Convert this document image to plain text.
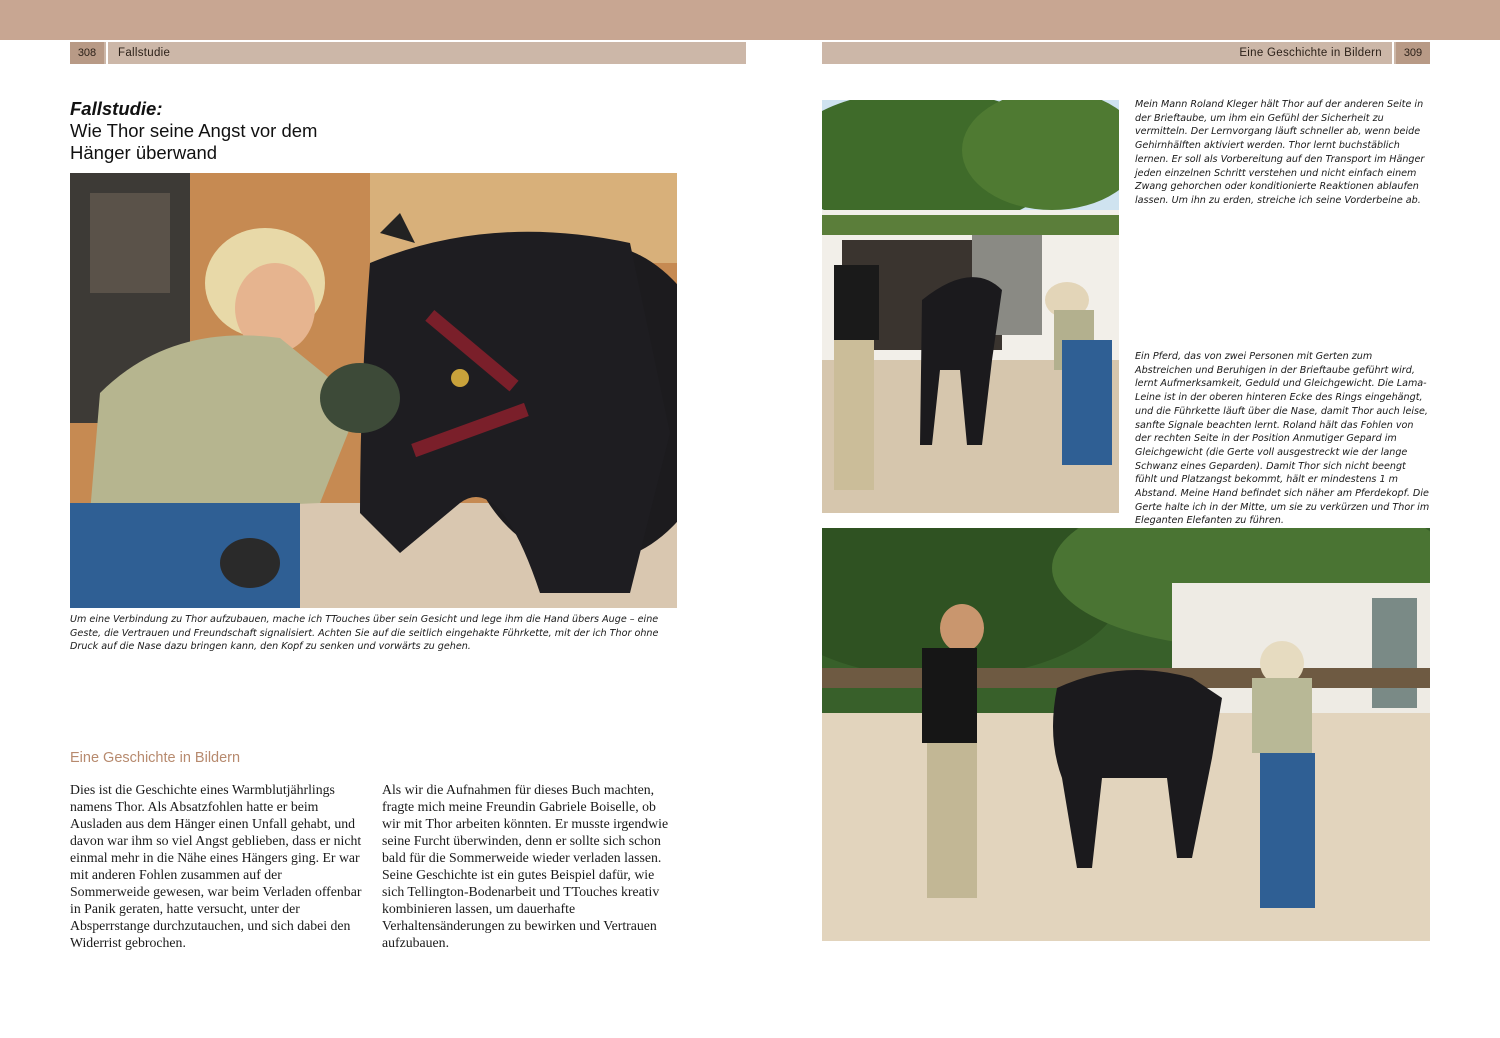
308	Fallstudie	Eine Geschichte in Bildern	309
Fallstudie:
Wie Thor seine Angst vor dem
Hänger überwand
Um eine Verbindung zu Thor aufzubauen, mache ich TTouches über sein Gesicht und lege ihm die Hand übers Auge – eine Geste, die Vertrauen und Freundschaft signalisiert. Achten Sie auf die seitlich eingehakte Führkette, mit der ich Thor ohne Druck auf die Nase dazu bringen kann, den Kopf zu senken und vorwärts zu gehen.
Mein Mann Roland Kleger hält Thor auf der anderen Seite in der Brieftaube, um ihm ein Gefühl der Sicherheit zu vermitteln. Der Lernvorgang läuft schneller ab, wenn beide Gehirnhälften aktiviert werden. Thor lernt buchstäblich lernen. Er soll als Vorbereitung auf den Transport im Hänger jeden einzelnen Schritt verstehen und nicht einfach einem Zwang gehorchen oder konditionierte Reaktionen ablaufen lassen. Um ihn zu erden, streiche ich seine Vorderbeine ab.
Ein Pferd, das von zwei Personen mit Gerten zum Abstreichen und Beruhigen in der Brieftaube geführt wird, lernt Aufmerksamkeit, Geduld und Gleichgewicht. Die Lama-Leine ist in der oberen hinteren Ecke des Rings eingehängt, und die Führkette läuft über die Nase, damit Thor auch leise, sanfte Signale beachten lernt. Roland hält das Fohlen von der rechten Seite in der Position Anmutiger Gepard im Gleichgewicht (die Gerte voll ausgestreckt wie der lange Schwanz eines Geparden). Damit Thor sich nicht beengt fühlt und Platzangst bekommt, hält er mindestens 1 m Abstand. Meine Hand befindet sich näher am Pferdekopf. Die Gerte halte ich in der Mitte, um sie zu verkürzen und Thor im Eleganten Elefanten zu führen.
Eine Geschichte in Bildern
Dies ist die Geschichte eines Warmblutjährlings namens Thor. Als Absatzfohlen hatte er beim Ausladen aus dem Hänger einen Unfall gehabt, und davon war ihm so viel Angst geblieben, dass er nicht einmal mehr in die Nähe eines Hängers ging. Er war mit anderen Fohlen zusammen auf der Sommerweide gewesen, war beim Verladen offenbar in Panik geraten, hatte versucht, unter der Absperrstange durchzutauchen, und sich dabei den Widerrist gebrochen.
Als wir die Aufnahmen für dieses Buch machten, fragte mich meine Freundin Gabriele Boiselle, ob wir mit Thor arbeiten könnten. Er musste irgendwie seine Furcht überwinden, denn er sollte sich schon bald für die Sommerweide wieder verladen lassen. Seine Geschichte ist ein gutes Beispiel dafür, wie sich Tellington-Bodenarbeit und TTouches kreativ kombinieren lassen, um dauerhafte Verhaltensänderungen zu bewirken und Vertrauen aufzubauen.
